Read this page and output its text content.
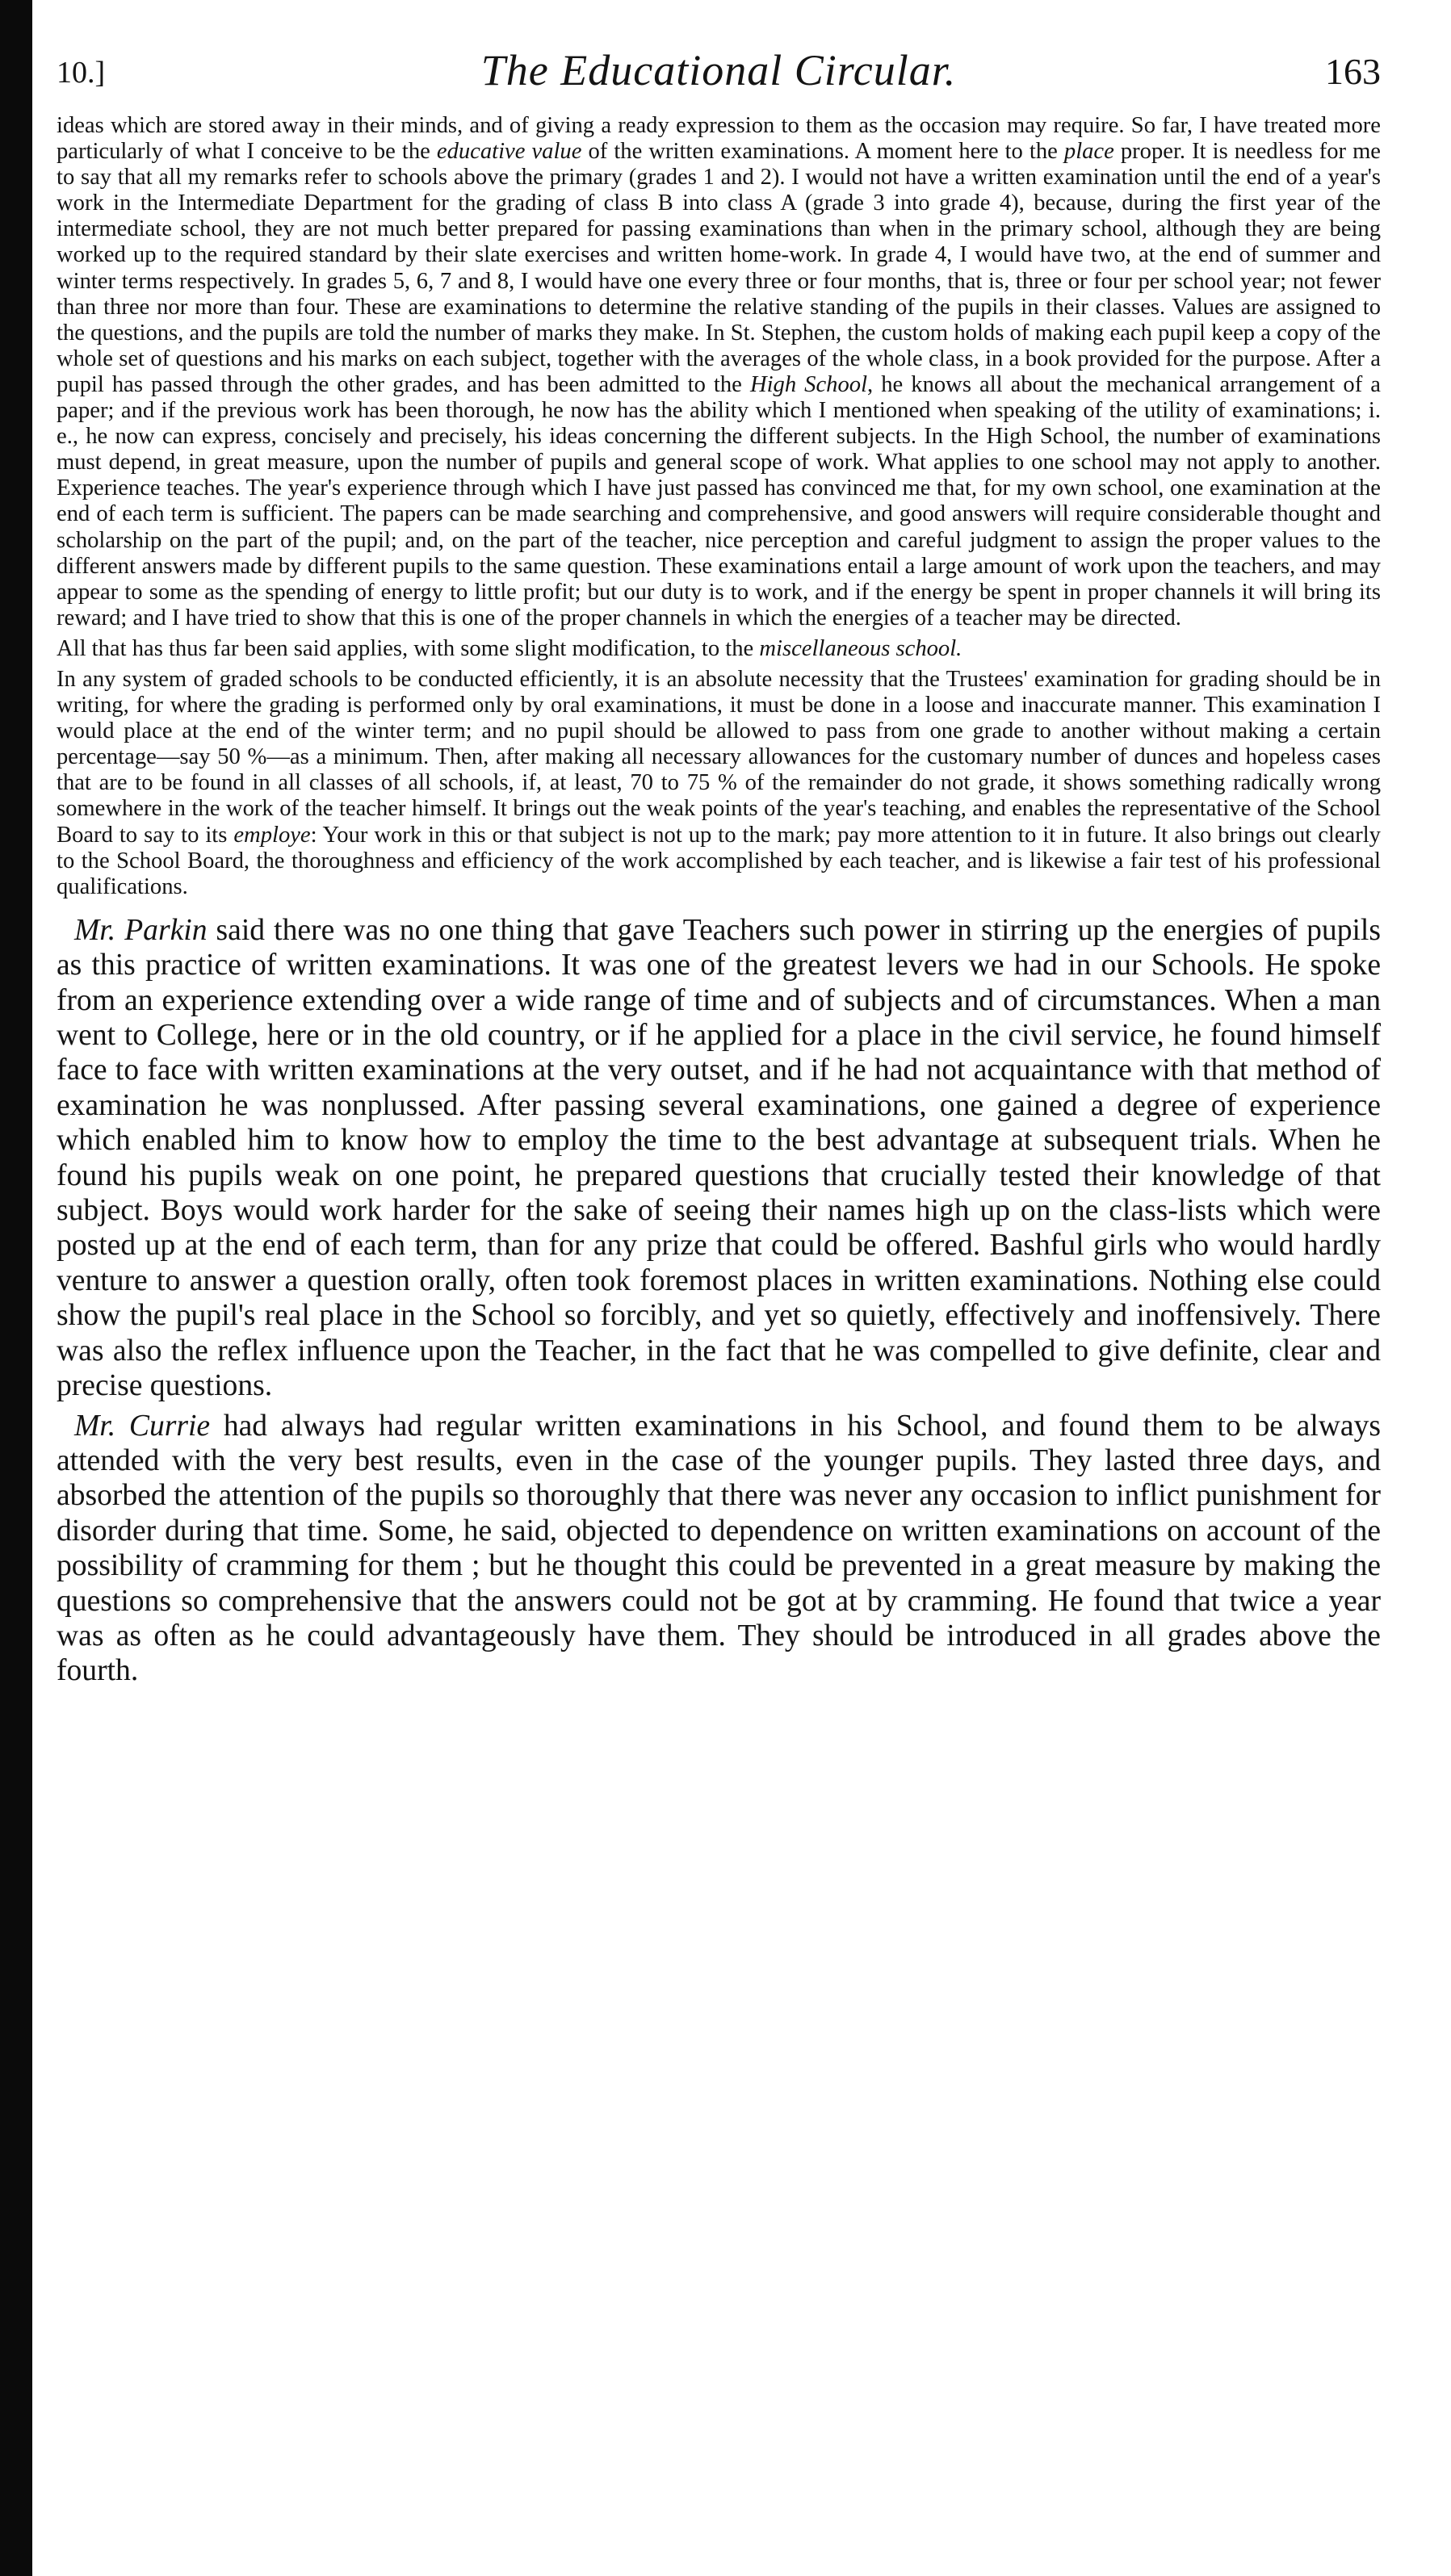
10.]	The Educational Circular.	163

ideas which are stored away in their minds, and of giving a ready expression to them as the occasion may require. So far, I have treated more particularly of what I conceive to be the educative value of the written examinations. A moment here to the place proper. It is needless for me to say that all my remarks refer to schools above the primary (grades 1 and 2). I would not have a written examination until the end of a year's work in the Intermediate Department for the grading of class B into class A (grade 3 into grade 4), because, during the first year of the intermediate school, they are not much better prepared for passing examinations than when in the primary school, although they are being worked up to the required standard by their slate exercises and written home-work. In grade 4, I would have two, at the end of summer and winter terms respectively. In grades 5, 6, 7 and 8, I would have one every three or four months, that is, three or four per school year; not fewer than three nor more than four. These are examinations to determine the relative standing of the pupils in their classes. Values are assigned to the questions, and the pupils are told the number of marks they make. In St. Stephen, the custom holds of making each pupil keep a copy of the whole set of questions and his marks on each subject, together with the averages of the whole class, in a book provided for the purpose. After a pupil has passed through the other grades, and has been admitted to the High School, he knows all about the mechanical arrangement of a paper; and if the previous work has been thorough, he now has the ability which I mentioned when speaking of the utility of examinations; i. e., he now can express, concisely and precisely, his ideas concerning the different subjects. In the High School, the number of examinations must depend, in great measure, upon the number of pupils and general scope of work. What applies to one school may not apply to another. Experience teaches. The year's experience through which I have just passed has convinced me that, for my own school, one examination at the end of each term is sufficient. The papers can be made searching and comprehensive, and good answers will require considerable thought and scholarship on the part of the pupil; and, on the part of the teacher, nice perception and careful judgment to assign the proper values to the different answers made by different pupils to the same question. These examinations entail a large amount of work upon the teachers, and may appear to some as the spending of energy to little profit; but our duty is to work, and if the energy be spent in proper channels it will bring its reward; and I have tried to show that this is one of the proper channels in which the energies of a teacher may be directed.

All that has thus far been said applies, with some slight modification, to the miscellaneous school.

In any system of graded schools to be conducted efficiently, it is an absolute necessity that the Trustees' examination for grading should be in writing, for where the grading is performed only by oral examinations, it must be done in a loose and inaccurate manner. This examination I would place at the end of the winter term; and no pupil should be allowed to pass from one grade to another without making a certain percentage—say 50 %—as a minimum. Then, after making all necessary allowances for the customary number of dunces and hopeless cases that are to be found in all classes of all schools, if, at least, 70 to 75 % of the remainder do not grade, it shows something radically wrong somewhere in the work of the teacher himself. It brings out the weak points of the year's teaching, and enables the representative of the School Board to say to its employe: Your work in this or that subject is not up to the mark; pay more attention to it in future. It also brings out clearly to the School Board, the thoroughness and efficiency of the work accomplished by each teacher, and is likewise a fair test of his professional qualifications.

Mr. Parkin said there was no one thing that gave Teachers such power in stirring up the energies of pupils as this practice of written examinations. It was one of the greatest levers we had in our Schools. He spoke from an experience extending over a wide range of time and of subjects and of circumstances. When a man went to College, here or in the old country, or if he applied for a place in the civil service, he found himself face to face with written examinations at the very outset, and if he had not acquaintance with that method of examination he was nonplussed. After passing several examinations, one gained a degree of experience which enabled him to know how to employ the time to the best advantage at subsequent trials. When he found his pupils weak on one point, he prepared questions that crucially tested their knowledge of that subject. Boys would work harder for the sake of seeing their names high up on the class-lists which were posted up at the end of each term, than for any prize that could be offered. Bashful girls who would hardly venture to answer a question orally, often took foremost places in written examinations. Nothing else could show the pupil's real place in the School so forcibly, and yet so quietly, effectively and inoffensively. There was also the reflex influence upon the Teacher, in the fact that he was compelled to give definite, clear and precise questions.

Mr. Currie had always had regular written examinations in his School, and found them to be always attended with the very best results, even in the case of the younger pupils. They lasted three days, and absorbed the attention of the pupils so thoroughly that there was never any occasion to inflict punishment for disorder during that time. Some, he said, objected to dependence on written examinations on account of the possibility of cramming for them ; but he thought this could be prevented in a great measure by making the questions so comprehensive that the answers could not be got at by cramming. He found that twice a year was as often as he could advantageously have them. They should be introduced in all grades above the fourth.
